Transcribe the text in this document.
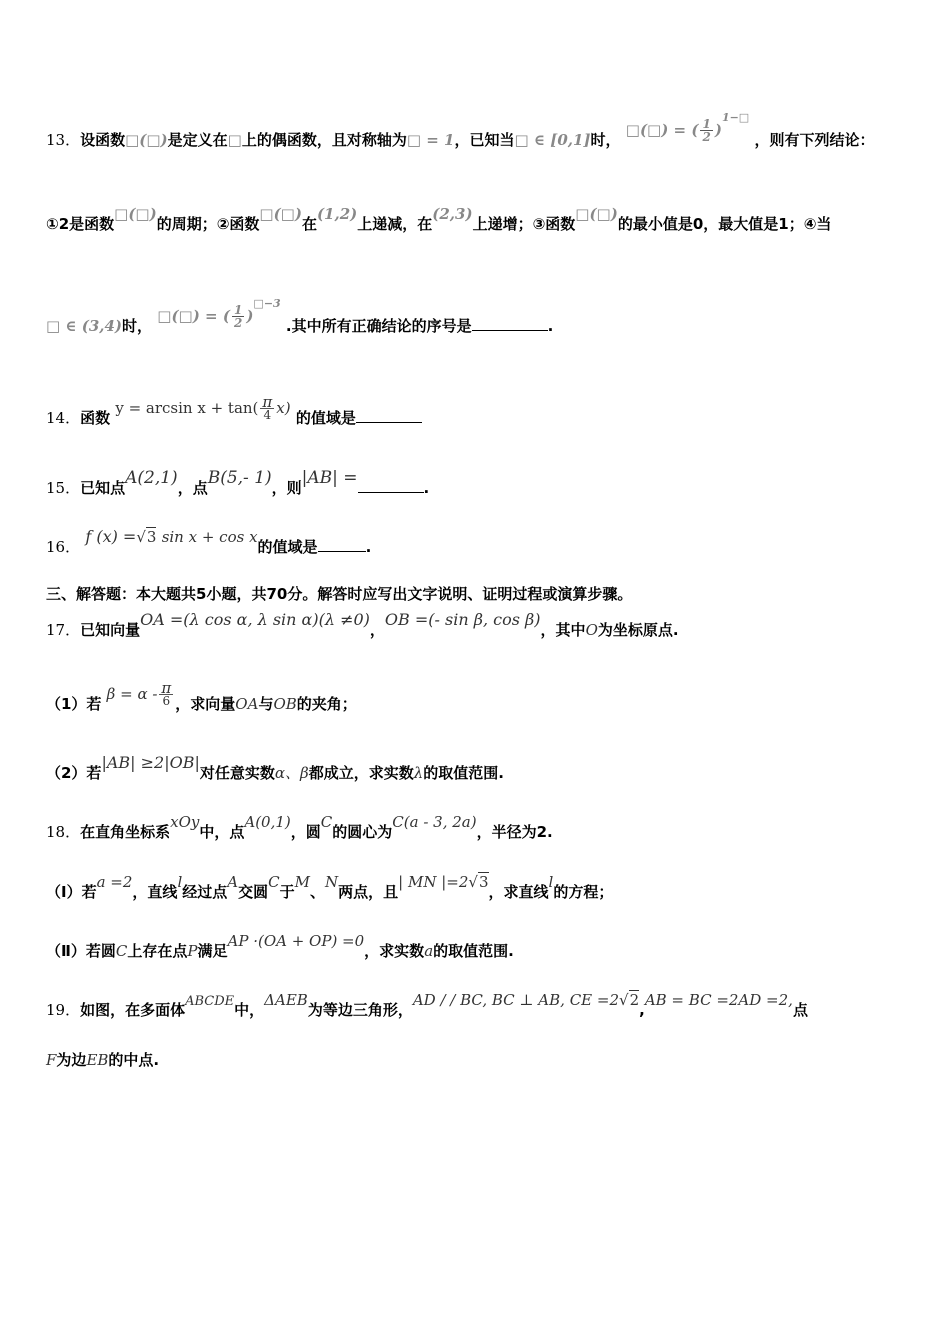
13．设函数□(□)是定义在□上的偶函数，且对称轴为□ = 1，已知当□ ∈ [0,1]时， □(□) = ( $\frac{1}{2} )^{1-□}$ ，则有下列结论：
①2是函数□(□)的周期；②函数□(□)在(1,2)上递减，在(2,3)上递增；③函数□(□)的最小值是0，最大值是1；④当
□ ∈ (3,4)时， □(□) = ( $\frac{1}{2} )^{□-3}$ .其中所有正确结论的序号是	.
14．函数 $y = \arcsin x + \tan( \frac{\pi}{4} x)$ 的值域是
15．已知点A(2,1)，点B(5,- 1)，则|AB| =	.
16． f (x) =√3 sin x + cos x的值域是	.
三、解答题：本大题共5小题，共70分。解答时应写出文字说明、证明过程或演算步骤。
17．已知向量OA =(λ cos α, λ sin α)(λ ≠0)，OB =(- sin β, cos β)，其中O为坐标原点.
（1）若 $\beta = \alpha - \frac{\pi}{6}$ ，求向量OA与OB的夹角；
（2）若|AB| ≥2|OB|对任意实数α、β都成立，求实数λ的取值范围.
18．在直角坐标系xOy中，点A(0,1)，圆C的圆心为C(a - 3, 2a)，半径为2.
（Ⅰ）若a =2，直线l经过点A交圆C于M、N两点，且| MN |=2√3，求直线l的方程；
（Ⅱ）若圆C上存在点P满足AP ·(OA + OP) =0，求实数a的取值范围.
19．如图，在多面体ABCDE中，ΔAEB为等边三角形，AD / / BC, BC ⊥ AB, CE =2√2,AB = BC =2AD =2,点
F为边EB的中点.
